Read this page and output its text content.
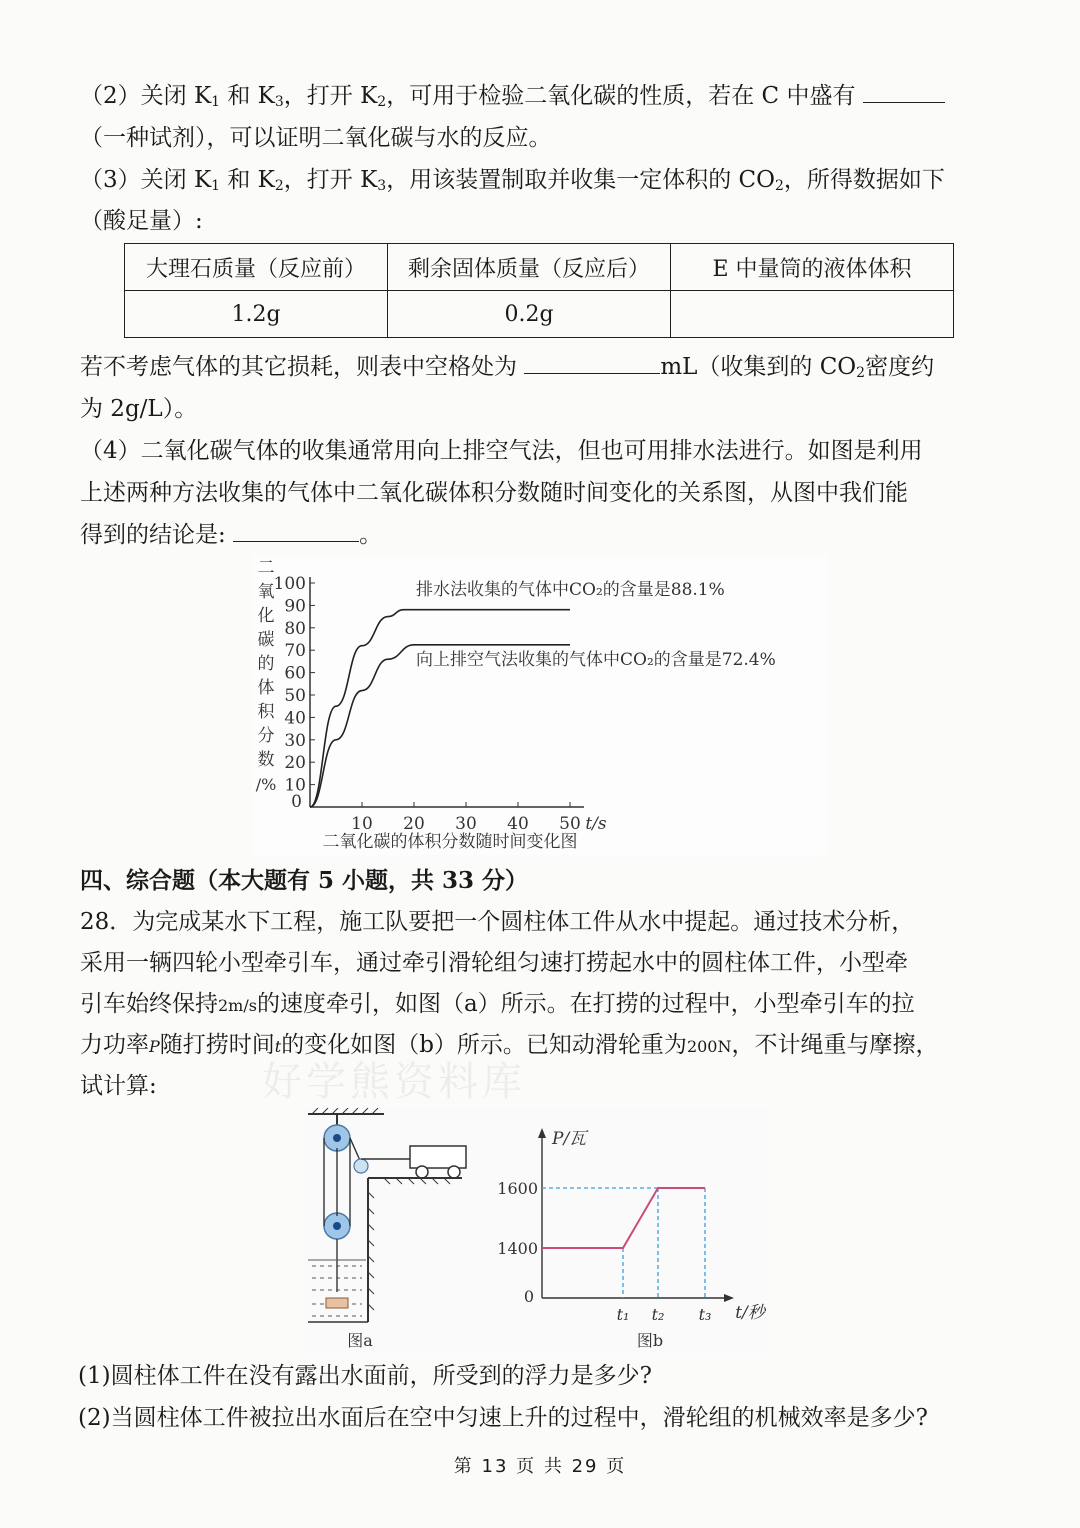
（2）关闭 $K_1$ 和 $K_3$，打开 $K_2$，可用于检验二氧化碳的性质，若在 C 中盛有
（一种试剂），可以证明二氧化碳与水的反应。
（3）关闭 $K_1$ 和 $K_2$，打开 $K_3$，用该装置制取并收集一定体积的 $CO_2$，所得数据如下
（酸足量）:
大理石质量（反应前）	剩余固体质量（反应后）	E 中量筒的液体体积
1.2g	0.2g	
若不考虑气体的其它损耗，则表中空格处为	mL（收集到的 $CO_2$密度约
为 2g/L）。
（4）二氧化碳气体的收集通常用向上排空气法，但也可用排水法进行。如图是利用
上述两种方法收集的气体中二氧化碳体积分数随时间变化的关系图，从图中我们能
得到的结论是:	。
二
氧
化
碳
的
体
积
分
数
/%
100
90
80
70
60
50
40
30
20
10
0
10 20 30 40 50 t/s
排水法收集的气体中CO₂的含量是88.1%
向上排空气法收集的气体中CO₂的含量是72.4%
二氧化碳的体积分数随时间变化图
四、综合题（本大题有 5 小题，共 33 分）
28．为完成某水下工程，施工队要把一个圆柱体工件从水中提起。通过技术分析，
采用一辆四轮小型牵引车，通过牵引滑轮组匀速打捞起水中的圆柱体工件，小型牵
引车始终保持2m/s的速度牵引，如图（a）所示。在打捞的过程中，小型牵引车的拉
力功率P随打捞时间t的变化如图（b）所示。已知动滑轮重为200N，不计绳重与摩擦，
试计算:	好学熊资料库
图a
P/瓦
t/秒
0
1600
1400
t₁ t₂ t₃
图b
(1)圆柱体工件在没有露出水面前，所受到的浮力是多少?
(2)当圆柱体工件被拉出水面后在空中匀速上升的过程中，滑轮组的机械效率是多少?
第 13 页 共 29 页
